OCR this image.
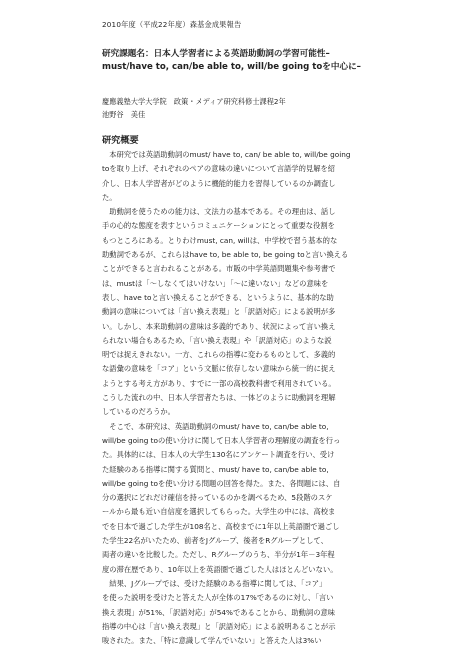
2010年度（平成22年度）森基金成果報告
研究課題名：日本人学習者による英語助動詞の学習可能性–
must/have to, can/be able to, will/be going toを中心に–
慶應義塾大学大学院　政策・メディア研究科修士課程2年
池野谷　美佳
研究概要

　本研究では英語助動詞のmust/ have to, can/ be able to, will/be going

toを取り上げ、それぞれのペアの意味の違いについて言語学的見解を紹

介し、日本人学習者がどのように機能的能力を習得しているのか調査し

た。

　助動詞を使うための能力は、文法力の基本である。その理由は、話し

手の心的な態度を表すというコミュニケーションにとって重要な役割を

もつところにある。とりわけmust, can, willは、中学校で習う基本的な

助動詞であるが、これらはhave to, be able to, be going toと言い換える

ことができると言われることがある。市販の中学英語問題集や参考書で

は、mustは「～しなくてはいけない」「～に違いない」などの意味を

表し、have toと言い換えることができる、というように、基本的な助

動詞の意味については「言い換え表現」と「訳語対応」による説明が多

い。しかし、本来助動詞の意味は多義的であり、状況によって言い換え

られない場合もあるため、「言い換え表現」や「訳語対応」のような説

明では捉えきれない。一方、これらの指導に変わるものとして、多義的

な語彙の意味を「コア」という文脈に依存しない意味から統一的に捉え

ようとする考え方があり、すでに一部の高校教科書で利用されている。

こうした流れの中、日本人学習者たちは、一体どのように助動詞を理解

しているのだろうか。

　そこで、本研究は、英語助動詞のmust/ have to, can/be able to,

will/be going toの使い分けに関して日本人学習者の理解度の調査を行っ

た。具体的には、日本人の大学生130名にアンケート調査を行い、受け

た経験のある指導に関する質問と、must/ have to, can/be able to,

will/be going toを使い分ける問題の回答を得た。また、各問題には、自

分の選択にどれだけ確信を持っているのかを調べるため、5段階のスケ

ールから最も近い自信度を選択してもらった。大学生の中には、高校ま

でを日本で過ごした学生が108名と、高校までに1年以上英語圏で過ごし

た学生22名がいたため、前者をJグループ、後者をRグループとして、

両者の違いを比較した。ただし、Rグループのうち、半分が1年－3年程

度の滞在歴であり、10年以上を英語圏で過ごした人はほとんどいない。

　結果、Jグループでは、受けた経験のある指導に関しては、「コア」

を使った説明を受けたと答えた人が全体の17%であるのに対し、「言い

換え表現」が51%、「訳語対応」が54%であることから、助動詞の意味

指導の中心は「言い換え表現」と「訳語対応」による説明あることが示

唆された。また、「特に意識して学んでいない」と答えた人は3%い
